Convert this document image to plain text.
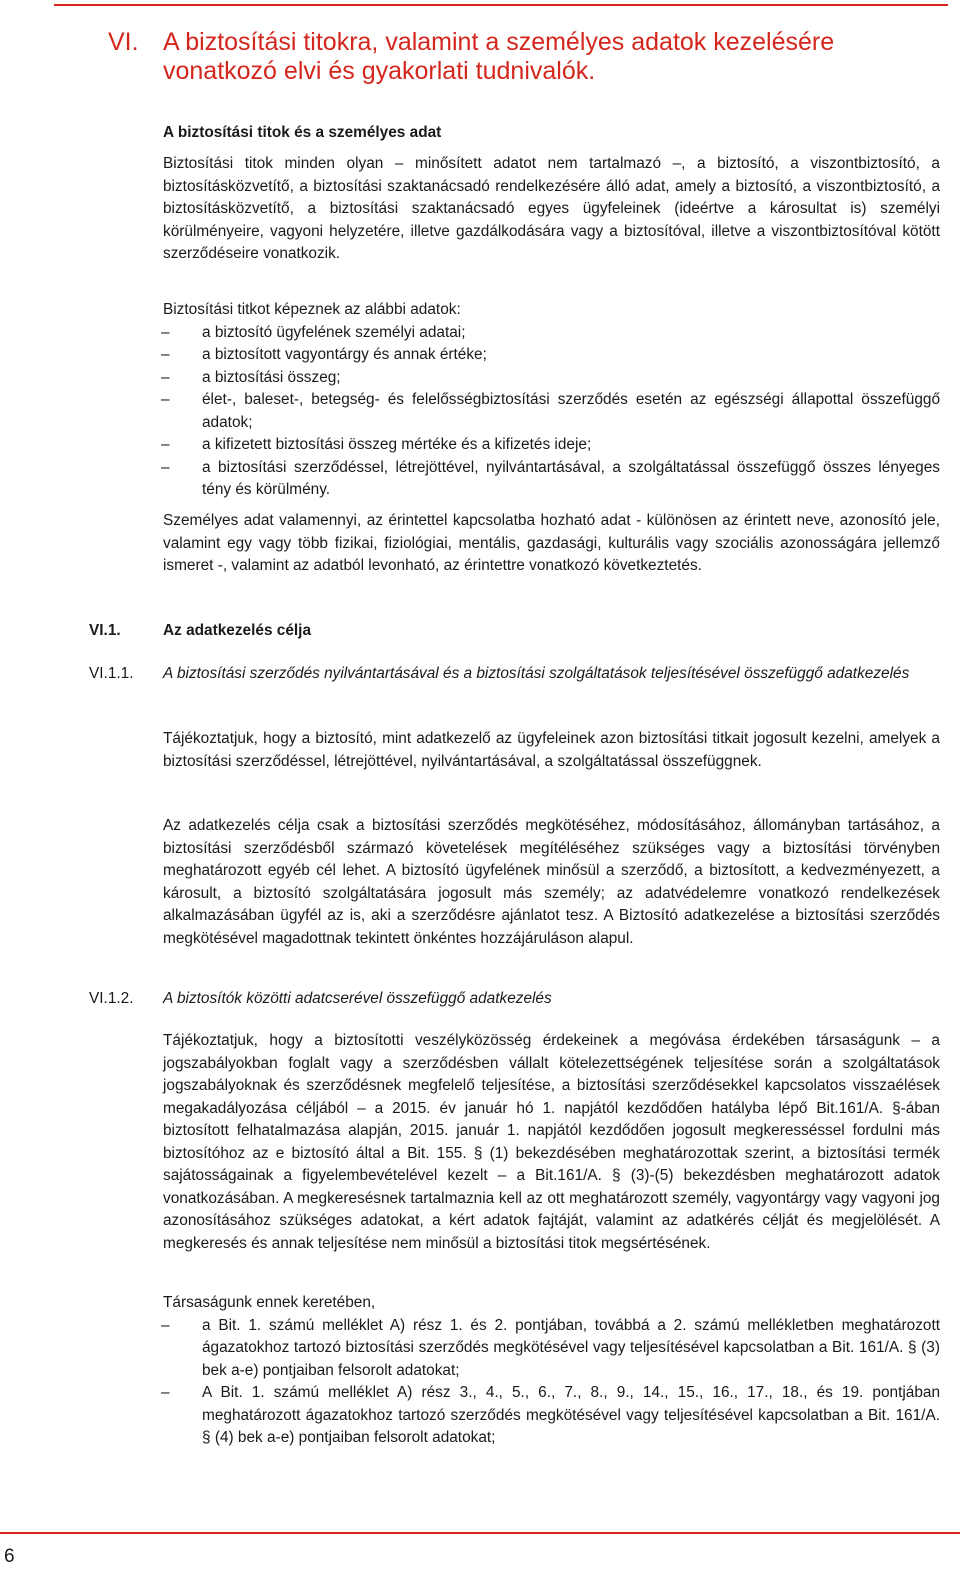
VI. A biztosítási titokra, valamint a személyes adatok kezelésére vonatkozó elvi és gyakorlati tudnivalók.
A biztosítási titok és a személyes adat

Biztosítási titok minden olyan – minősített adatot nem tartalmazó –, a biztosító, a viszontbiztosító, a biztosításközvetítő, a biztosítási szaktanácsadó rendelkezésére álló adat, amely a biztosító, a viszontbiztosító, a biztosításközvetítő, a biztosítási szaktanácsadó egyes ügyfeleinek (ideértve a károsultat is) személyi körülményeire, vagyoni helyzetére, illetve gazdálkodására vagy a biztosítóval, illetve a viszontbiztosítóval kötött szerződéseire vonatkozik.

Biztosítási titkot képeznek az alábbi adatok:

– a biztosító ügyfelének személyi adatai;
– a biztosított vagyontárgy és annak értéke;
– a biztosítási összeg;
– élet-, baleset-, betegség- és felelősségbiztosítási szerződés esetén az egészségi állapottal összefüggő adatok;
– a kifizetett biztosítási összeg mértéke és a kifizetés ideje;
– a biztosítási szerződéssel, létrejöttével, nyilvántartásával, a szolgáltatással összefüggő összes lényeges tény és körülmény.

Személyes adat valamennyi, az érintettel kapcsolatba hozható adat - különösen az érintett neve, azonosító jele, valamint egy vagy több fizikai, fiziológiai, mentális, gazdasági, kulturális vagy szociális azonosságára jellemző ismeret -, valamint az adatból levonható, az érintettre vonatkozó következtetés.

VI.1.	Az adatkezelés célja
VI.1.1. A biztosítási szerződés nyilvántartásával és a biztosítási szolgáltatások teljesítésével összefüggő adatkezelés

Tájékoztatjuk, hogy a biztosító, mint adatkezelő az ügyfeleinek azon biztosítási titkait jogosult kezelni, amelyek a biztosítási szerződéssel, létrejöttével, nyilvántartásával, a szolgáltatással összefüggnek.

Az adatkezelés célja csak a biztosítási szerződés megkötéséhez, módosításához, állományban tartásához, a biztosítási szerződésből származó követelések megítéléséhez szükséges vagy a biztosítási törvényben meghatározott egyéb cél lehet. A biztosító ügyfelének minősül a szerződő, a biztosított, a kedvezményezett, a károsult, a biztosító szolgáltatására jogosult más személy; az adatvédelemre vonatkozó rendelkezések alkalmazásában ügyfél az is, aki a szerződésre ajánlatot tesz. A Biztosító adatkezelése a biztosítási szerződés megkötésével magadottnak tekintett önkéntes hozzájáruláson alapul.

VI.1.2. A biztosítók közötti adatcserével összefüggő adatkezelés

Tájékoztatjuk, hogy a biztosítotti veszélyközösség érdekeinek a megóvása érdekében társaságunk – a jogszabályokban foglalt vagy a szerződésben vállalt kötelezettségének teljesítése során a szolgáltatások jogszabályoknak és szerződésnek megfelelő teljesítése, a biztosítási szerződésekkel kapcsolatos visszaélések megakadályozása céljából – a 2015. év január hó 1. napjától kezdődően hatályba lépő Bit.161/A. §-ában biztosított felhatalmazása alapján, 2015. január 1. napjától kezdődően jogosult megkeresséssel fordulni más biztosítóhoz az e biztosító által a Bit. 155. § (1) bekezdésében meghatározottak szerint, a biztosítási termék sajátosságainak a figyelembevételével kezelt – a Bit.161/A. § (3)-(5) bekezdésben meghatározott adatok vonatkozásában. A megkeresésnek tartalmaznia kell az ott meghatározott személy, vagyontárgy vagy vagyoni jog azonosításához szükséges adatokat, a kért adatok fajtáját, valamint az adatkérés célját és megjelölését. A megkeresés és annak teljesítése nem minősül a biztosítási titok megsértésének.

Társaságunk ennek keretében,

– a Bit. 1. számú melléklet A) rész 1. és 2. pontjában, továbbá a 2. számú mellékletben meghatározott ágazatokhoz tartozó biztosítási szerződés megkötésével vagy teljesítésével kapcsolatban a Bit. 161/A. § (3) bek a-e) pontjaiban felsorolt adatokat;
– A Bit. 1. számú melléklet A) rész 3., 4., 5., 6., 7., 8., 9., 14., 15., 16., 17., 18., és 19. pontjában meghatározott ágazatokhoz tartozó szerződés megkötésével vagy teljesítésével kapcsolatban a Bit. 161/A. § (4) bek a-e) pontjaiban felsorolt adatokat;
6
